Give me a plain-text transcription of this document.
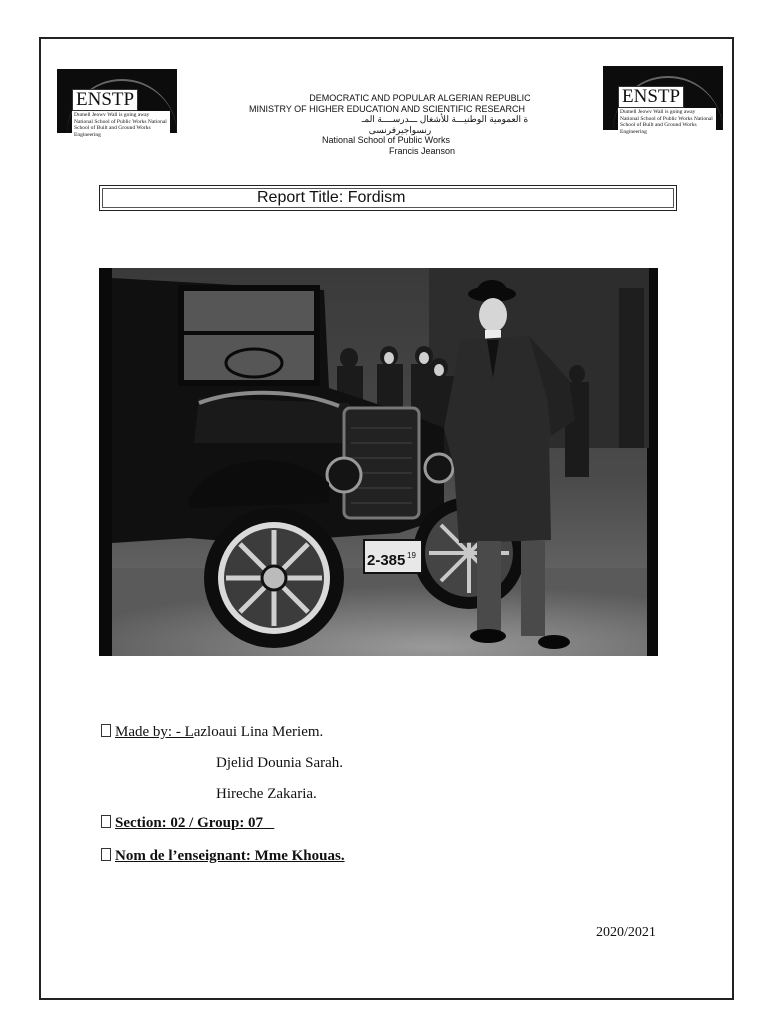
ENSTP
Dumell Jeowv Wall is going away National School of Public Works National School of Built and Ground Works Engineering
ENSTP
Dumell Jeowv Wall is going away National School of Public Works National School of Built and Ground Works Engineering
DEMOCRATIC AND POPULAR ALGERIAN REPUBLIC
MINISTRY OF HIGHER EDUCATION AND SCIENTIFIC RESEARCH
ة العمومية الوطنيـــة للأشغال ـــدرســــة المـ
رنسواجیرفرنسی
National School of Public Works
Francis Jeanson
Report Title: Fordism
2-385 19
Made by: - Lazloaui Lina Meriem.
Djelid Dounia Sarah.
Hireche Zakaria.
Section: 02 / Group: 07
Nom de l’enseignant: Mme Khouas.
2020/2021
